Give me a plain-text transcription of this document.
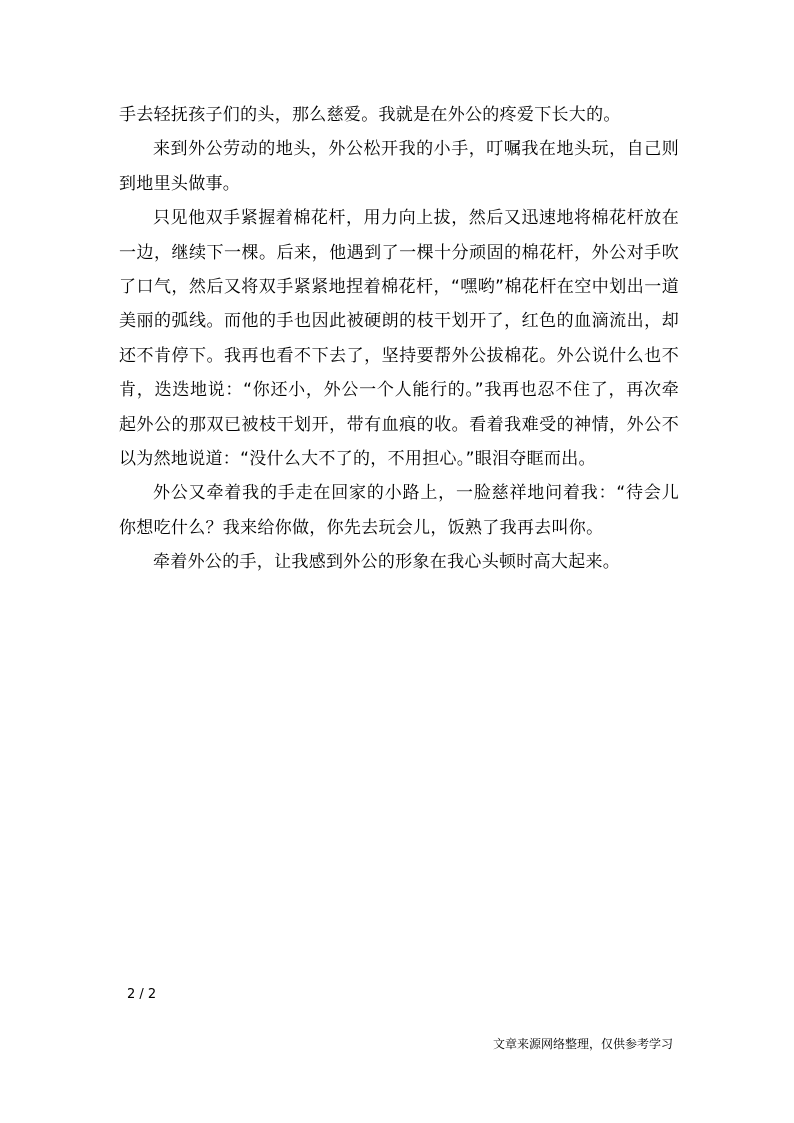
手去轻抚孩子们的头，那么慈爱。我就是在外公的疼爱下长大的。

来到外公劳动的地头，外公松开我的小手，叮嘱我在地头玩，自己则到地里头做事。

只见他双手紧握着棉花杆，用力向上拔，然后又迅速地将棉花杆放在一边，继续下一棵。后来，他遇到了一棵十分顽固的棉花杆，外公对手吹了口气，然后又将双手紧紧地捏着棉花杆，“嘿哟”棉花杆在空中划出一道美丽的弧线。而他的手也因此被硬朗的枝干划开了，红色的血滴流出，却还不肯停下。我再也看不下去了，坚持要帮外公拔棉花。外公说什么也不肯，迭迭地说：“你还小，外公一个人能行的。”我再也忍不住了，再次牵起外公的那双已被枝干划开，带有血痕的收。看着我难受的神情，外公不以为然地说道：“没什么大不了的，不用担心。”眼泪夺眶而出。

外公又牵着我的手走在回家的小路上，一脸慈祥地问着我：“待会儿你想吃什么？我来给你做，你先去玩会儿，饭熟了我再去叫你。

牵着外公的手，让我感到外公的形象在我心头顿时高大起来。

2 / 2
文章来源网络整理，仅供参考学习
